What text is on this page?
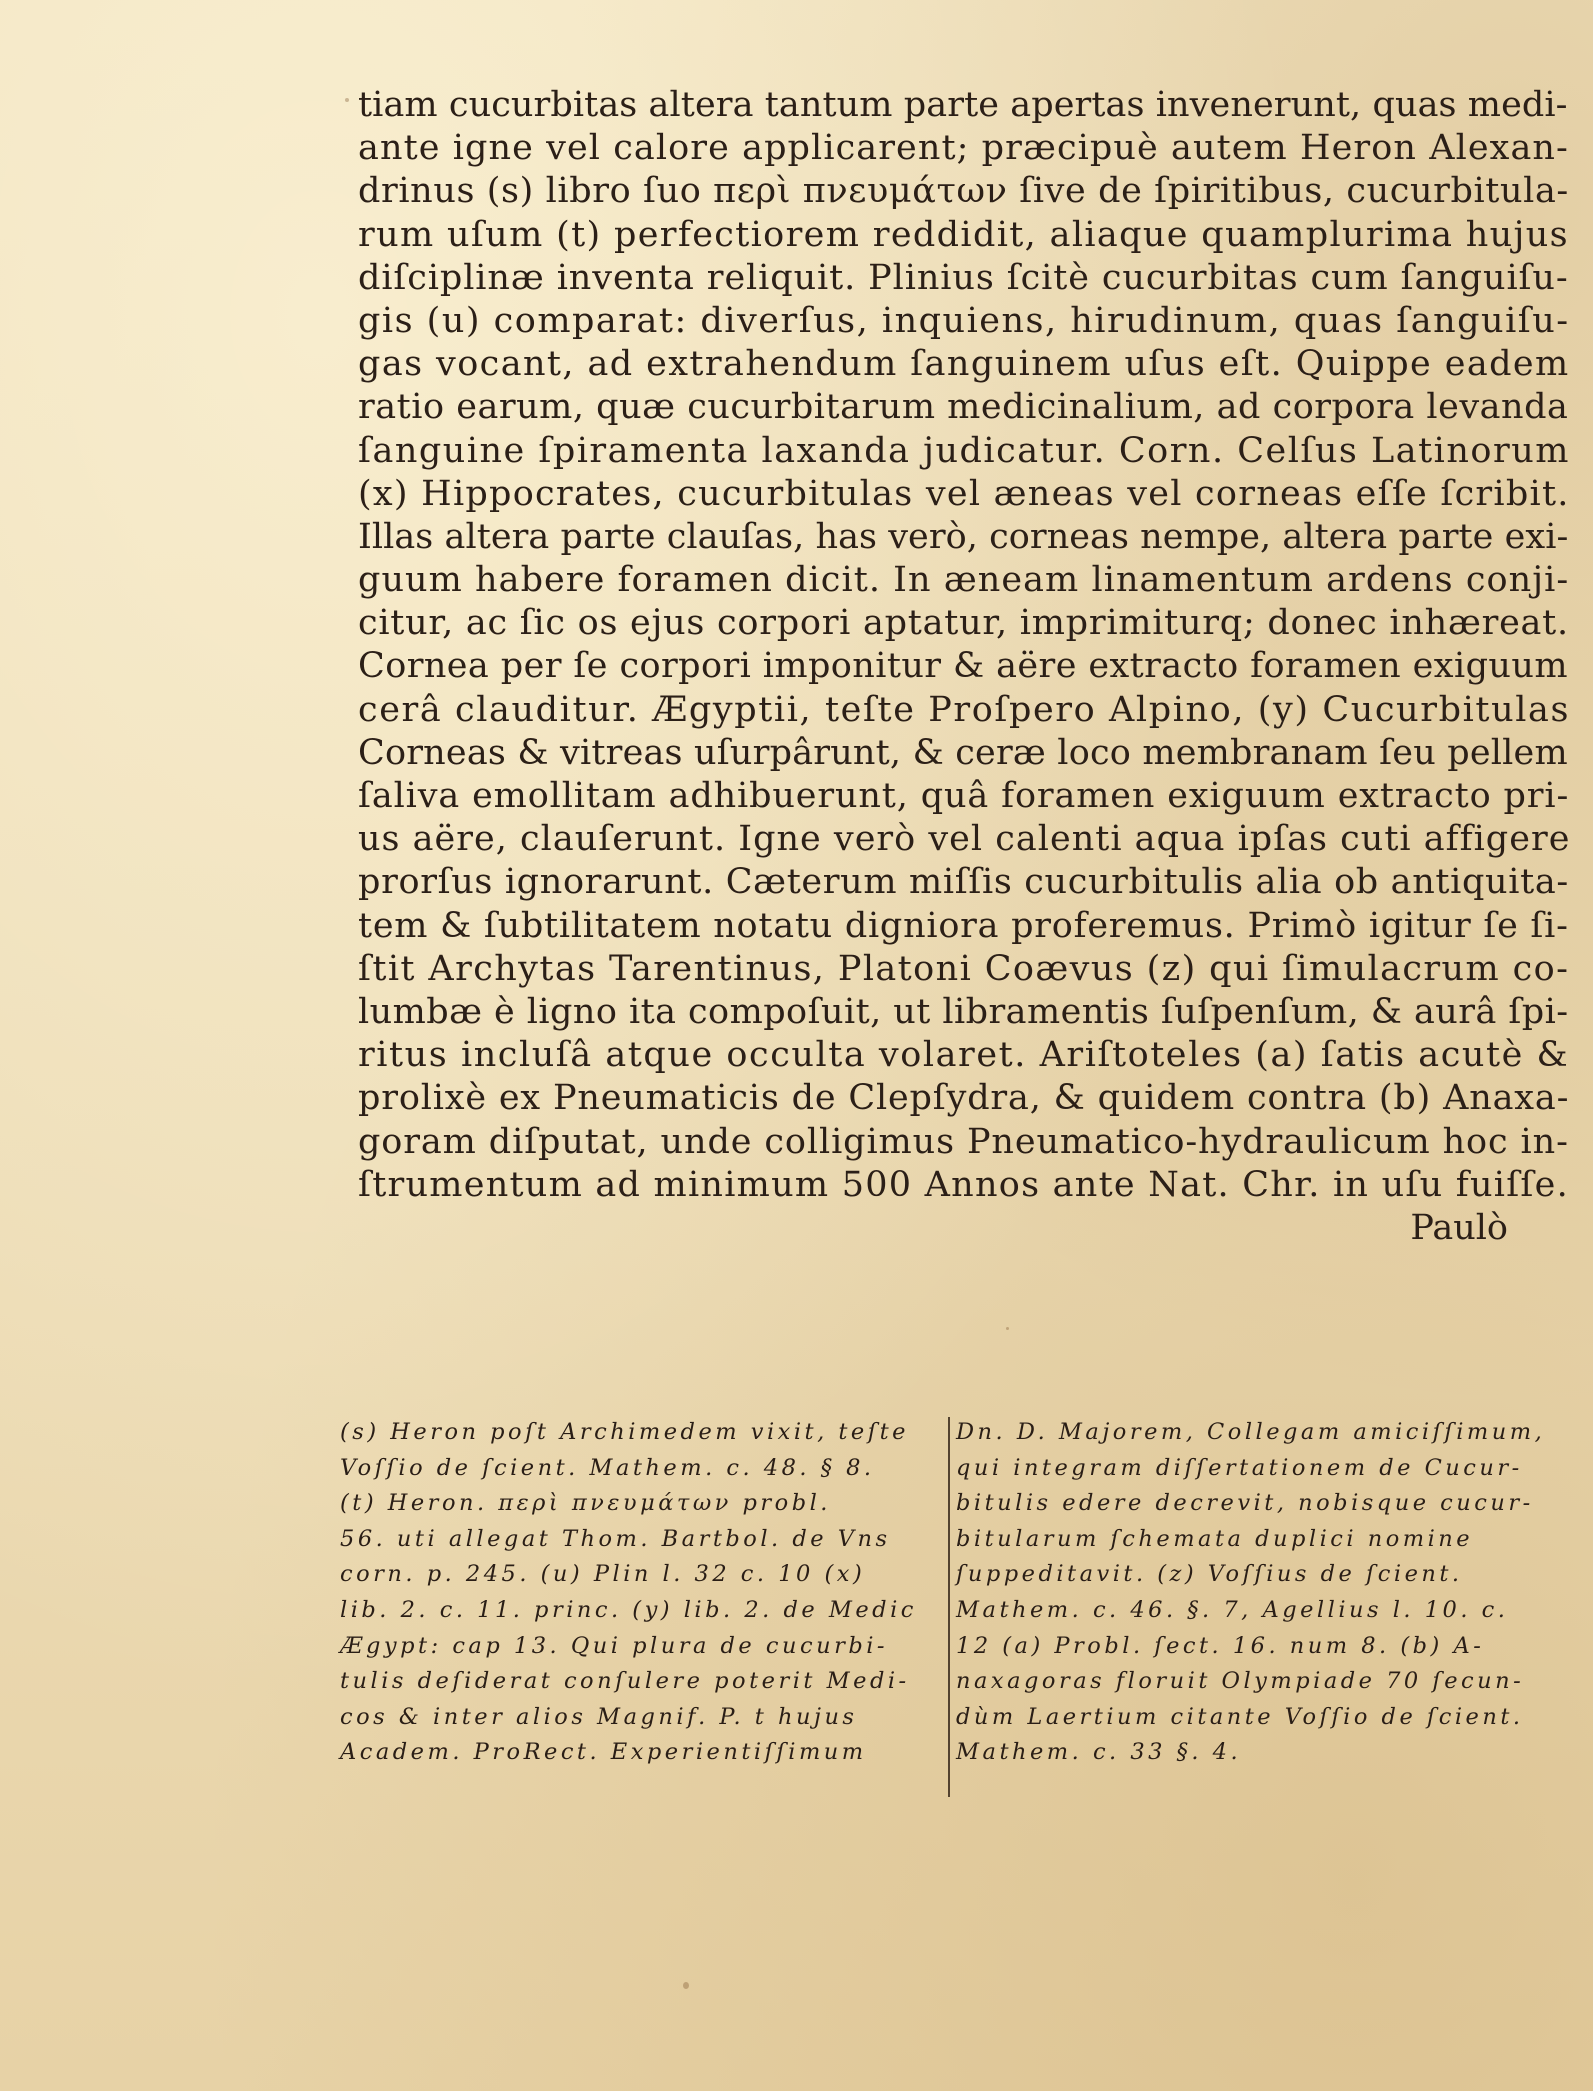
tiam cucurbitas altera tantum parte apertas invenerunt, quas medi-
ante igne vel calore applicarent; præcipuè autem Heron Alexan-
drinus (s) libro ſuo περὶ πνευμάτων ſive de ſpiritibus, cucurbitula-
rum uſum (t) perfectiorem reddidit, aliaque quamplurima hujus
diſciplinæ inventa reliquit. Plinius ſcitè cucurbitas cum ſanguiſu-
gis (u) comparat: diverſus, inquiens, hirudinum, quas ſanguiſu-
gas vocant, ad extrahendum ſanguinem uſus eſt. Quippe eadem
ratio earum, quæ cucurbitarum medicinalium, ad corpora levanda
ſanguine ſpiramenta laxanda judicatur. Corn. Celſus Latinorum
(x) Hippocrates, cucurbitulas vel æneas vel corneas eſſe ſcribit.
Illas altera parte clauſas, has verò, corneas nempe, altera parte exi-
guum habere foramen dicit. In æneam linamentum ardens conji-
citur, ac ſic os ejus corpori aptatur, imprimiturq; donec inhæreat.
Cornea per ſe corpori imponitur & aëre extracto foramen exiguum
cerâ clauditur. Ægyptii, teſte Proſpero Alpino, (y) Cucurbitulas
Corneas & vitreas uſurpârunt, & ceræ loco membranam ſeu pellem
ſaliva emollitam adhibuerunt, quâ foramen exiguum extracto pri-
us aëre, clauſerunt. Igne verò vel calenti aqua ipſas cuti affigere
prorſus ignorarunt. Cæterum miſſis cucurbitulis alia ob antiquita-
tem & ſubtilitatem notatu digniora proferemus. Primò igitur ſe ſi-
ſtit Archytas Tarentinus, Platoni Coævus (z) qui ſimulacrum co-
lumbæ è ligno ita compoſuit, ut libramentis ſuſpenſum, & aurâ ſpi-
ritus incluſâ atque occulta volaret. Ariſtoteles (a) ſatis acutè &
prolixè ex Pneumaticis de Clepſydra, & quidem contra (b) Anaxa-
goram diſputat, unde colligimus Pneumatico-hydraulicum hoc in-
ſtrumentum ad minimum 500 Annos ante Nat. Chr. in uſu fuiſſe.
Paulò
(s) Heron poſt Archimedem vixit, teſte
Voſſio de ſcient. Mathem. c. 48. § 8.
(t) Heron. περὶ πνευμάτων probl.
56. uti allegat Thom. Bartbol. de Vns
corn. p. 245. (u) Plin l. 32 c. 10 (x)
lib. 2. c. 11. princ. (y) lib. 2. de Medic
Ægypt: cap 13. Qui plura de cucurbi-
tulis deſiderat conſulere poterit Medi-
cos & inter alios Magnif. P. t hujus
Academ. ProRect. Experientiſſimum
Dn. D. Majorem, Collegam amiciſſimum,
qui integram diſſertationem de Cucur-
bitulis edere decrevit, nobisque cucur-
bitularum ſchemata duplici nomine
ſuppeditavit. (z) Voſſius de ſcient.
Mathem. c. 46. §. 7, Agellius l. 10. c.
12 (a) Probl. ſect. 16. num 8. (b) A-
naxagoras floruit Olympiade 70 ſecun-
dùm Laertium citante Voſſio de ſcient.
Mathem. c. 33 §. 4.
